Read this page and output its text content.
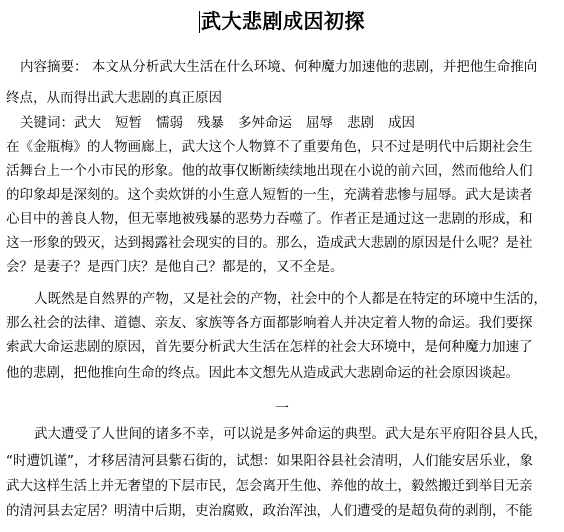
武大悲剧成因初探
内容摘要： 本文从分析武大生活在什么环境、何种魔力加速他的悲剧，并把他生命推向
终点，从而得出武大悲剧的真正原因
关键词：武大 短暂 懦弱 残暴 多舛命运 屈辱 悲剧 成因
在《金瓶梅》的人物画廊上，武大这个人物算不了重要角色，只不过是明代中后期社会生
活舞台上一个小市民的形象。他的故事仅断断续续地出现在小说的前六回，然而他给人们
的印象却是深刻的。这个卖炊饼的小生意人短暂的一生，充满着悲惨与屈辱。武大是读者
心目中的善良人物，但无辜地被残暴的恶势力吞噬了。作者正是通过这一悲剧的形成，和
这一形象的毁灭，达到揭露社会现实的目的。那么，造成武大悲剧的原因是什么呢？是社
会？是妻子？是西门庆？是他自己？都是的，又不全是。
人既然是自然界的产物，又是社会的产物，社会中的个人都是在特定的环境中生活的，
那么社会的法律、道德、亲友、家族等各方面都影响着人并决定着人物的命运。我们要探
索武大命运悲剧的原因，首先要分析武大生活在怎样的社会大环境中，是何种魔力加速了
他的悲剧，把他推向生命的终点。因此本文想先从造成武大悲剧命运的社会原因谈起。
一
武大遭受了人世间的诸多不幸，可以说是多舛命运的典型。武大是东平府阳谷县人氏，
“时遭饥谨”，才移居清河县紫石街的，试想：如果阳谷县社会清明，人们能安居乐业，象
武大这样生活上并无奢望的下层市民，怎会离开生他、养他的故土，毅然搬迁到举目无亲
的清河县去定居？明清中后期，吏治腐败，政治浑浊，人们遭受的是超负荷的剥削，不能
